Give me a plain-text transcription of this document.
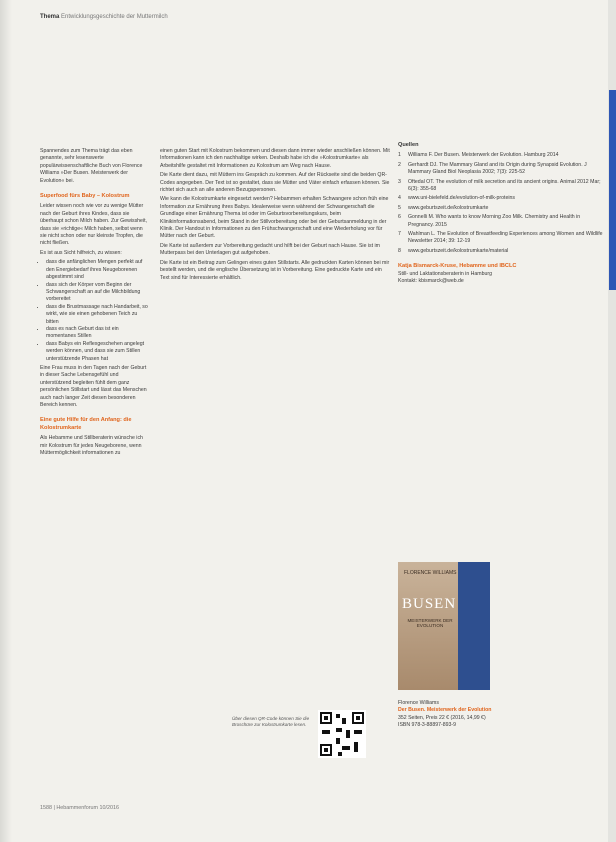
Thema Entwicklungsgeschichte der Muttermilch

Spannendes zum Thema trägt das eben genannte, sehr lesenswerte populärwissenschaftliche Buch von Florence Williams »Der Busen. Meisterwerk der Evolution« bei.

Superfood fürs Baby – Kolostrum

Leider wissen noch wie vor zu wenige Mütter nach der Geburt ihres Kindes, dass sie überhaupt schon Milch haben. Zur Gewissheit, dass sie »richtige« Milch haben, selbst wenn sie nicht schon oder nur kleinste Tropfen, die nicht fließen.

Es ist aus Sicht hilfreich, zu wissen:

• dass die anfänglichen Mengen perfekt auf den Energiebedarf ihres Neugeborenen abgestimmt sind
• dass sich der Körper vom Beginn der Schwangerschaft an auf die Milchbildung vorbereitet
• dass die Brustmassage nach Handarbeit, so wirkt, wie sie einen gehobenen Teich zu bitten
• dass es nach Geburt das ist ein momentanes Stillen
• dass Babys ein Reflexgeschehen angelegt werden können, und dass sie zum Stillen unterstützende Phasen hat

Eine Frau muss in den Tagen nach der Geburt in dieser Sache Lebensgefühl und unterstützend begleiten fühlt dem ganz persönlichen Stillstart und lässt das Menschen auch nach langer Zeit diesen besonderen Bereich kennen.

Eine gute Hilfe für den Anfang: die Kolostrumkarte

Als Hebamme und Stillberaterin wünsche ich mir Kolostrum für jedes Neugeborene, wenn Müttermöglichkeit informationen zu

einen guten Start mit Kolostrum bekommen und diesen dann immer wieder anschließen können. Mit Informationen kann ich den nachhaltige wirken. Deshalb habe ich die »Kolostrumkarte« als Arbeitshilfe gestaltet mit Informationen zu Kolostrum am Weg nach Hause.

Die Karte dient dazu, mit Müttern ins Gespräch zu kommen. Auf der Rückseite sind die beiden QR-Codes angegeben. Der Text ist so gestaltet, dass sie Mütter und Väter einfach erfassen können. Sie richtet sich auch an alle anderen Bezugspersonen.

Wie kann die Kolostrumkarte eingesetzt werden? Hebammen erhalten Schwangere schon früh eine Information zur Ernährung ihres Babys. Idealerweise wenn während der Schwangerschaft die Grundlage einer Ernährung Thema ist oder im Geburtsvorbereitungskurs, beim Klinikinformationsabend, beim Stand in der Stillvorbereitung oder bei der Geburtsanmeldung in der Klinik. Der Handout in Informationen zu den Frühschwangerschaft und eine Wiederholung vor für Mütter nach der Geburt.

Die Karte ist außerdem zur Vorbereitung gedacht und hilft bei der Geburt nach Hause. Sie ist im Mutterpass bei den Unterlagen gut aufgehoben.

Die Karte ist ein Beitrag zum Gelingen eines guten Stillstarts. Alle gedruckten Karten können bei mir bestellt werden, und die englische Übersetzung ist in Vorbereitung. Eine gedruckte Karte und ein Text sind für Interessierte erhältlich.

Über diesen QR-Code können Sie die Broschüre zur Kolostrumkarte lesen.
Quellen
1	Williams F. Der Busen. Meisterwerk der Evolution. Hamburg 2014
2	Gerhardt DJ. The Mammary Gland and its Origin during Synapsid Evolution. J Mammary Gland Biol Neoplasia 2002; 7(3): 225-52
3	Oftedal OT. The evolution of milk secretion and its ancient origins. Animal 2012 Mar; 6(3): 355-68
4	www.uni-bielefeld.de/evolution-of-milk-proteins
5	www.geburtszeit.de/kolostrumkarte
6	Gonnelli M. Who wants to know Morning Zoo Milk. Chemistry and Health in Pregnancy. 2015
7	Wahlman L. The Evolution of Breastfeeding Experiences among Women and Wildlife Newsletter 2014; 39: 12-19
8	www.geburtszeit.de/kolostrumkarte/material
Katja Bismarck-Kruse, Hebamme und IBCLC
Still- und Laktationsberaterin in Hamburg
Kontakt: kbismarck@web.de
FLORENCE WILLIAMS
BUSEN
MEISTERWERK DER EVOLUTION
Florence Williams
Der Busen. Meisterwerk der Evolution
352 Seiten, Preis 22 € (2016, 14,99 €)
ISBN 978-3-88897-893-9
1588 | Hebammenforum 10/2016
